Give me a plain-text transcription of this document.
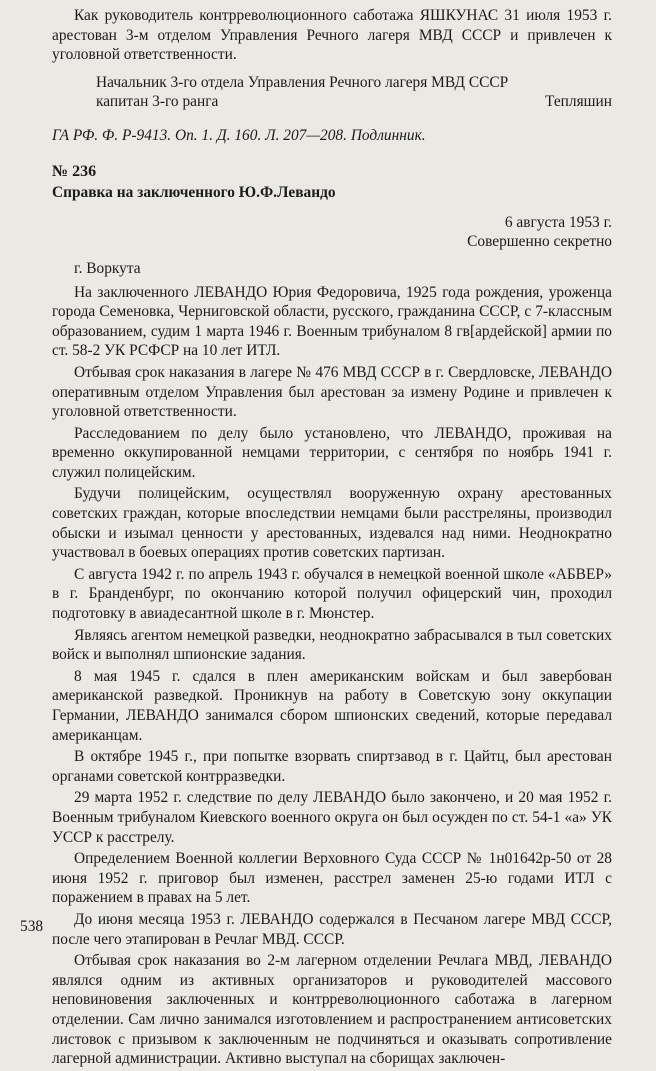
Как руководитель контрреволюционного саботажа ЯШКУНАС 31 июля 1953 г. арестован 3-м отделом Управления Речного лагеря МВД СССР и привлечен к уголовной ответственности.

Начальник 3-го отдела Управления Речного лагеря МВД СССР
капитан 3-го ранга	Тепляшин
ГА РФ. Ф. Р-9413. Оп. 1. Д. 160. Л. 207—208. Подлинник.
№ 236
Справка на заключенного Ю.Ф.Левандо
6 августа 1953 г.
Совершенно секретно
г. Воркута

На заключенного ЛЕВАНДО Юрия Федоровича, 1925 года рождения, уроженца города Семеновка, Черниговской области, русского, гражданина СССР, с 7-классным образованием, судим 1 марта 1946 г. Военным трибуналом 8 гв[ардейской] армии по ст. 58-2 УК РСФСР на 10 лет ИТЛ.

Отбывая срок наказания в лагере № 476 МВД СССР в г. Свердловске, ЛЕВАНДО оперативным отделом Управления был арестован за измену Родине и привлечен к уголовной ответственности.

Расследованием по делу было установлено, что ЛЕВАНДО, проживая на временно оккупированной немцами территории, с сентября по ноябрь 1941 г. служил полицейским.

Будучи полицейским, осуществлял вооруженную охрану арестованных советских граждан, которые впоследствии немцами были расстреляны, производил обыски и изымал ценности у арестованных, издевался над ними. Неоднократно участвовал в боевых операциях против советских партизан.

С августа 1942 г. по апрель 1943 г. обучался в немецкой военной школе «АБВЕР» в г. Бранденбург, по окончанию которой получил офицерский чин, проходил подготовку в авиадесантной школе в г. Мюнстер.

Являясь агентом немецкой разведки, неоднократно забрасывался в тыл советских войск и выполнял шпионские задания.

8 мая 1945 г. сдался в плен американским войскам и был завербован американской разведкой. Проникнув на работу в Советскую зону оккупации Германии, ЛЕВАНДО занимался сбором шпионских сведений, которые передавал американцам.

В октябре 1945 г., при попытке взорвать спиртзавод в г. Цайтц, был арестован органами советской контрразведки.

29 марта 1952 г. следствие по делу ЛЕВАНДО было закончено, и 20 мая 1952 г. Военным трибуналом Киевского военного округа он был осужден по ст. 54-1 «а» УК УССР к расстрелу.

Определением Военной коллегии Верховного Суда СССР № 1н01642р-50 от 28 июня 1952 г. приговор был изменен, расстрел заменен 25-ю годами ИТЛ с поражением в правах на 5 лет.

До июня месяца 1953 г. ЛЕВАНДО содержался в Песчаном лагере МВД СССР, после чего этапирован в Речлаг МВД. СССР.

Отбывая срок наказания во 2-м лагерном отделении Речлага МВД, ЛЕВАНДО являлся одним из активных организаторов и руководителей массового неповиновения заключенных и контрреволюционного саботажа в лагерном отделении. Сам лично занимался изготовлением и распространением антисоветских листовок с призывом к заключенным не подчиняться и оказывать сопротивление лагерной администрации. Активно выступал на сборищах заключен-

538
